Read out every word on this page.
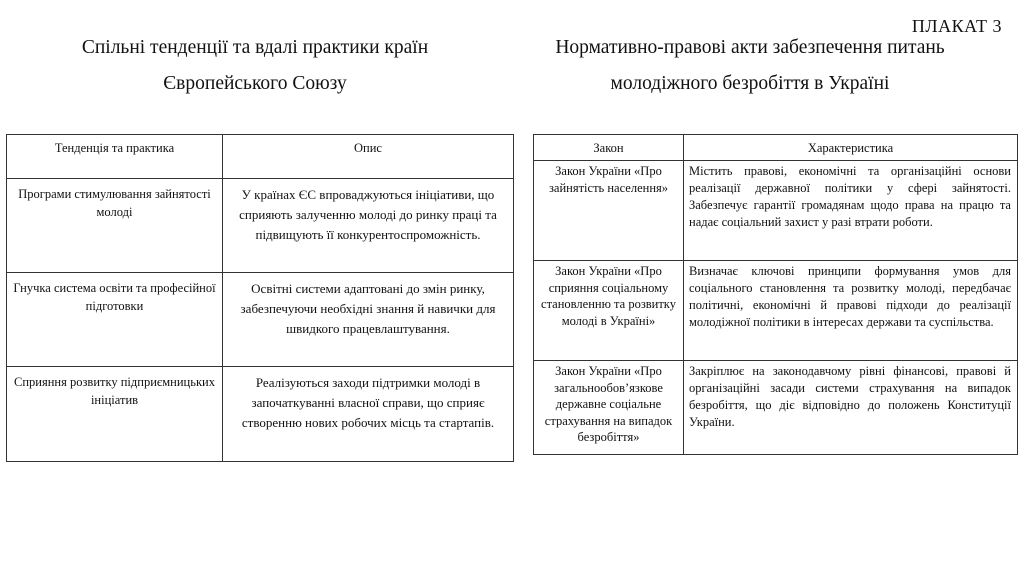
ПЛАКАТ 3
Спільні тенденції та вдалі практики країн
Європейського Союзу
Нормативно-правові акти забезпечення питань
молодіжного безробіття в Україні
Тенденція та практика	Опис
Програми стимулювання зайнятості молоді	У країнах ЄС впроваджуються ініціативи, що сприяють залученню молоді до ринку праці та підвищують її конкурентоспроможність.
Гнучка система освіти та професійної підготовки	Освітні системи адаптовані до змін ринку, забезпечуючи необхідні знання й навички для швидкого працевлаштування.
Сприяння розвитку підприємницьких ініціатив	Реалізуються заходи підтримки молоді в започаткуванні власної справи, що сприяє створенню нових робочих місць та стартапів.
Закон	Характеристика
Закон України «Про зайнятість населення»	Містить правові, економічні та організаційні основи реалізації державної політики у сфері зайнятості. Забезпечує гарантії громадянам щодо права на працю та надає соціальний захист у разі втрати роботи.
Закон України «Про сприяння соціальному становленню та розвитку молоді в Україні»	Визначає ключові принципи формування умов для соціального становлення та розвитку молоді, передбачає політичні, економічні й правові підходи до реалізації молодіжної політики в інтересах держави та суспільства.
Закон України «Про загальнообов’язкове державне соціальне страхування на випадок безробіття»	Закріплює на законодавчому рівні фінансові, правові й організаційні засади системи страхування на випадок безробіття, що діє відповідно до положень Конституції України.
